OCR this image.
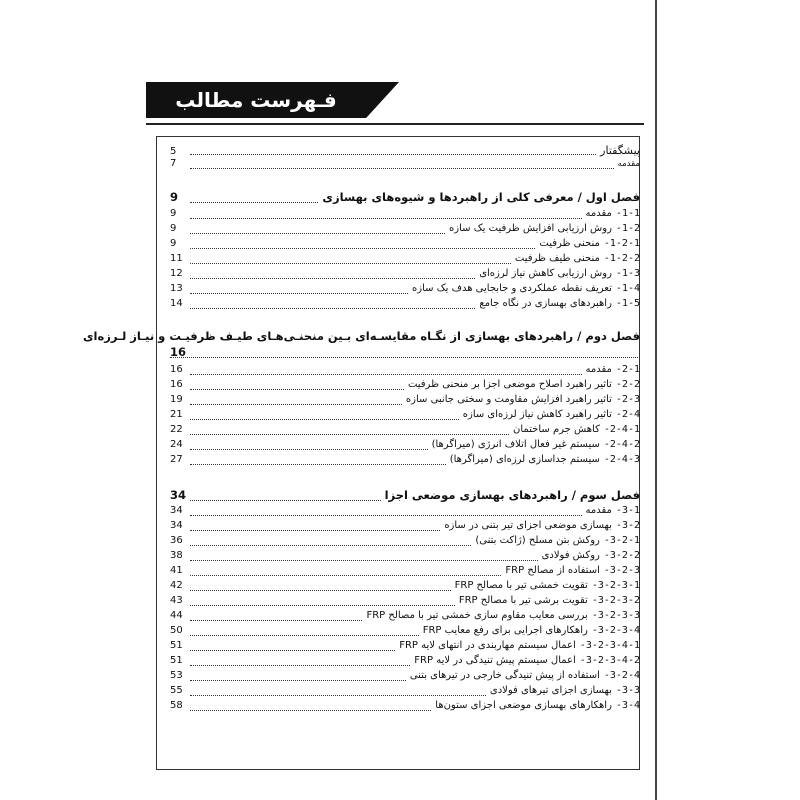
فـهرست مطالب
پیشگفتار
5
مقدمه
7
فصل اول / معرفی کلی از راهبردها و شیوه‌های بهسازی
9
1-1-
مقدمه
9
1-2-
روش ارزیابی افزایش ظرفیت یک سازه
9
1-2-1-
منحنی ظرفیت
9
1-2-2-
منحنی طیف ظرفیت
11
1-3-
روش ارزیابی کاهش نیاز لرزه‌ای
12
1-4-
تعریف نقطه عملکردی و جابجایی هدف یک سازه
13
1-5-
راهبردهای بهسازی در نگاه جامع
14
فصل دوم / راهبردهای بهسازی از نگـاه مقایسـه‌ای بـین منحنـی‌هـای طیـف ظرفیـت و نیـاز لـرزه‌ای
16
2-1-
مقدمه
16
2-2-
تاثیر راهبرد اصلاح موضعی اجزا بر منحنی ظرفیت
16
2-3-
تاثیر راهبرد افزایش مقاومت و سختی جانبی سازه
19
2-4-
تاثیر راهبرد کاهش نیاز لرزه‌ای سازه
21
2-4-1-
کاهش جرم ساختمان
22
2-4-2-
سیستم غیر فعال اتلاف انرژی (میراگرها)
24
2-4-3-
سیستم جداسازی لرزه‌ای (میراگرها)
27
فصل سوم / راهبردهای بهسازی موضعی اجزا
34
3-1-
مقدمه
34
3-2-
بهسازی موضعی اجزای تیر بتنی در سازه
34
3-2-1-
روکش بتن مسلح (ژاکت بتنی)
36
3-2-2-
روکش فولادی
38
3-2-3-
استفاده از مصالح FRP
41
3-2-3-1-
تقویت خمشی تیر با مصالح FRP
42
3-2-3-2-
تقویت برشی تیر با مصالح FRP
43
3-2-3-3-
بررسی معایب مقاوم سازی خمشی تیر با مصالح FRP
44
3-2-3-4-
راهکارهای اجرایی برای رفع معایب FRP
50
3-2-3-4-1-
اعمال سیستم مهاربندی در انتهای لایه FRP
51
3-2-3-4-2-
اعمال سیستم پیش تنیدگی در لایه FRP
51
3-2-4-
استفاده از پیش تنیدگی خارجی در تیرهای بتنی
53
3-3-
بهسازی اجزای تیرهای فولادی
55
3-4-
راهکارهای بهسازی موضعی اجزای ستون‌ها
58
